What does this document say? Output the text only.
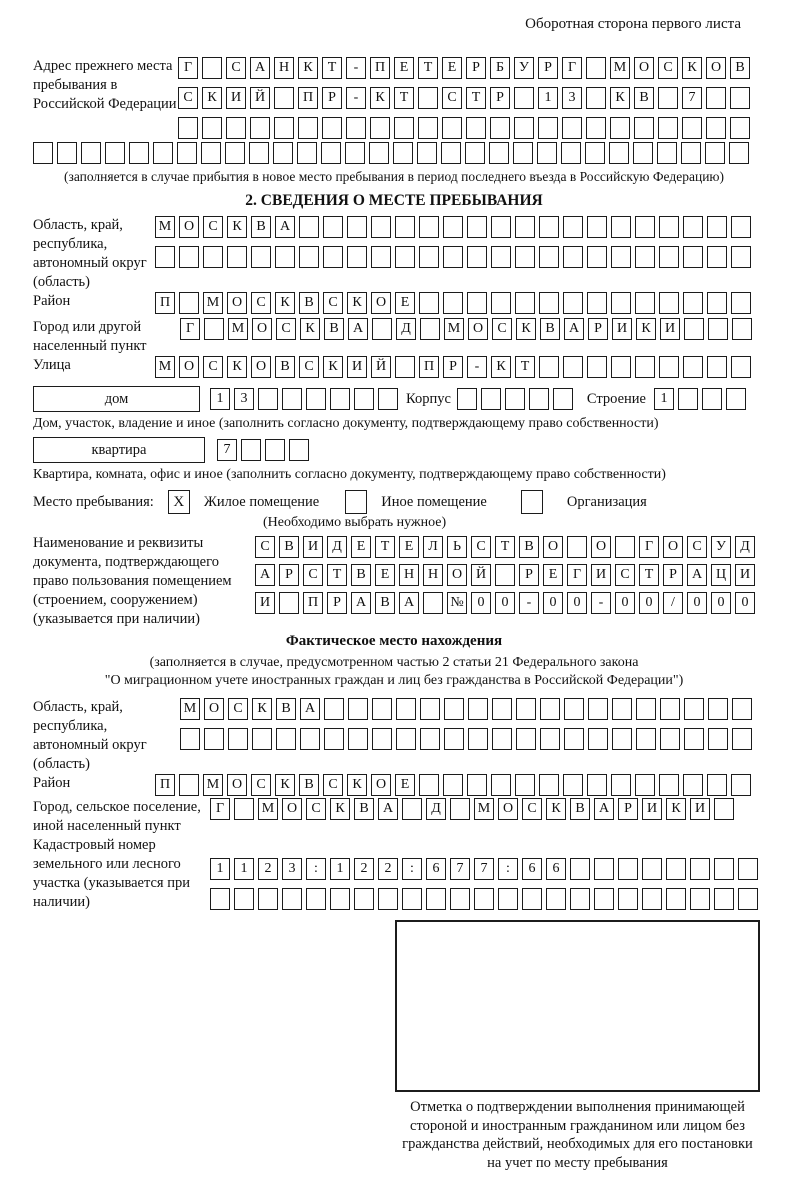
Оборотная сторона первого листа
Адрес прежнего места пребывания в Российской Федерации
Г	С	А Н	К	Т	-	П	Е	Т	Е	Р	Б	У	Р	Г	М О	С	К	О	В
С	К	И Й	П	Р	-	К	Т	С	Т	Р	1	3	К	В	7
(заполняется в случае прибытия в новое место пребывания в период последнего въезда в Российскую Федерацию)
2. СВЕДЕНИЯ О МЕСТЕ ПРЕБЫВАНИЯ
Область, край, республика, автономный округ (область)
М О	С	К	В	А
Район	П	М О	С	К	В	С	К	О	Е
Город или другой населенный пункт
Г	М О	С	К	В	А	Д	М О	С	К	В	А	Р	И	К	И
Улица	М О	С	К	О	В	С	К	И Й	П	Р	-	К	Т
дом	1	3	Корпус	Строение	1
Дом, участок, владение и иное (заполнить согласно документу, подтверждающему право собственности)
квартира	7
Квартира, комната, офис и иное (заполнить согласно документу, подтверждающему право собственности)
Место пребывания:	X	Жилое помещение	Иное помещение	Организация
(Необходимо выбрать нужное)
Наименование и реквизиты документа, подтверждающего право пользования помещением (строением, сооружением) (указывается при наличии)
С	В	И	Д	Е	Т	Е	Л	Ь	С	Т	В	О	О	Г	О	С	У	Д
А	Р	С	Т	В	Е	Н Н О Й	Р	Е	Г	И	С	Т	Р	А Ц И
И	П	Р	А	В	А	№ 0	0	-	0	0	-	0	0	/	0	0	0
Фактическое место нахождения
(заполняется в случае, предусмотренном частью 2 статьи 21 Федерального закона
"О миграционном учете иностранных граждан и лиц без гражданства в Российской Федерации")
Область, край, республика, автономный округ (область)
М О	С	К	В	А
Район	П	М О	С	К	В	С	К	О	Е
Город, сельское поселение, иной населенный пункт
Г	М О	С	К	В	А	Д	М О	С	К	В	А	Р	И	К	И
Кадастровый номер земельного или лесного участка (указывается при наличии)
1	1	2	3	:	1	2	2	:	6	7	7	:	6	6
Отметка о подтверждении выполнения принимающей
стороной и иностранным гражданином или лицом без
гражданства действий, необходимых для его постановки
на учет по месту пребывания
